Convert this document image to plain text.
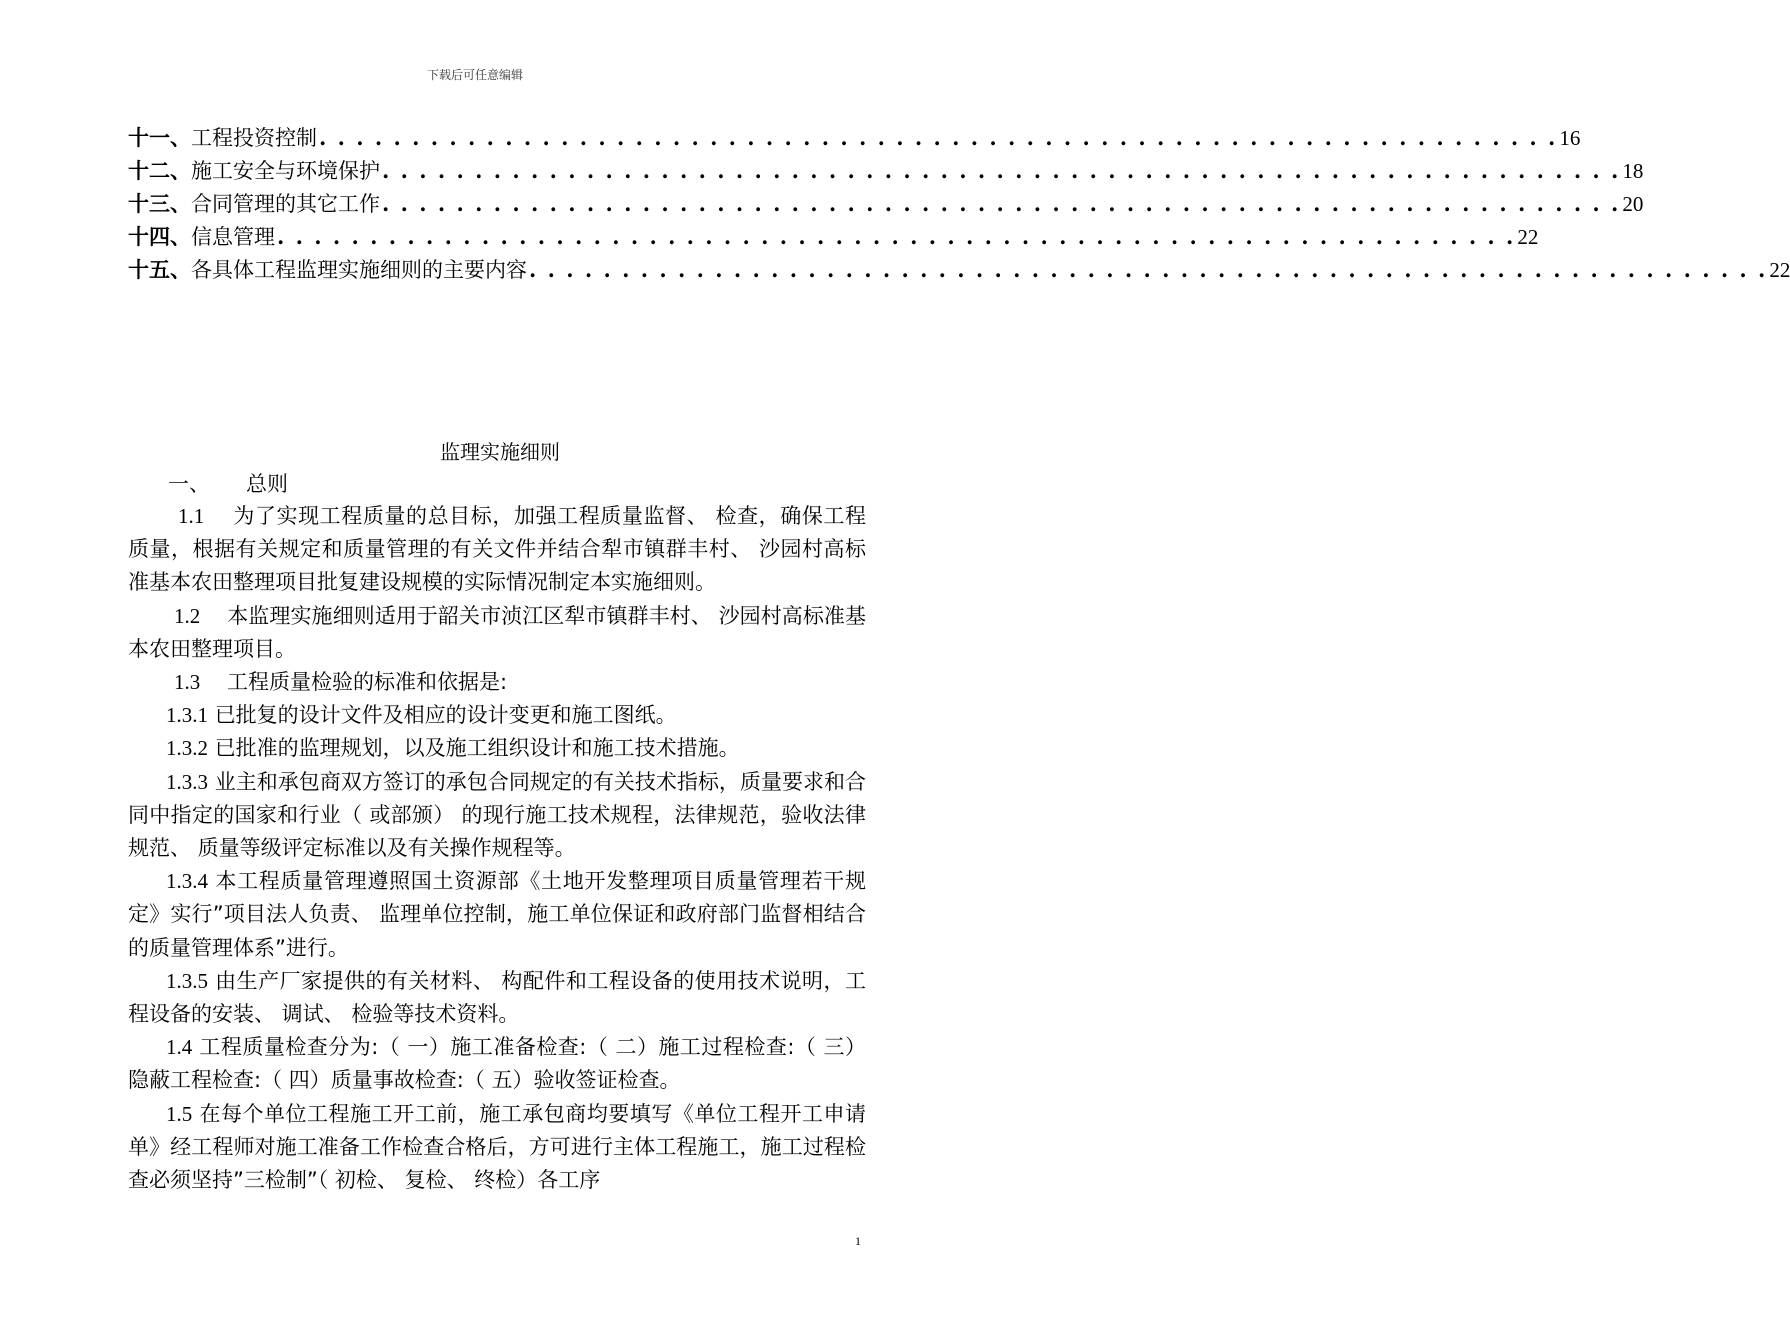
下载后可任意编辑
十一、 工程投资控制 . . . . . . . . . . . . . . . . . . . . . . . . . . . . . . . . . . . . . . . . . . . . . . . . . . . . . . . . . . . . . . . . . . . 16
十二、 施工安全与环境保护 . . . . . . . . . . . . . . . . . . . . . . . . . . . . . . . . . . . . . . . . . . . . . . . . . . . . . . . . . . . . . . . . . . . 18
十三、 合同管理的其它工作 . . . . . . . . . . . . . . . . . . . . . . . . . . . . . . . . . . . . . . . . . . . . . . . . . . . . . . . . . . . . . . . . . . . 20
十四、 信息管理 . . . . . . . . . . . . . . . . . . . . . . . . . . . . . . . . . . . . . . . . . . . . . . . . . . . . . . . . . . . . . . . . . . . 22
十五、 各具体工程监理实施细则的主要内容 . . . . . . . . . . . . . . . . . . . . . . . . . . . . . . . . . . . . . . . . . . . . . . . . . . . . . . . . . . . . . . . . . . . 22
监理实施细则
一、 总则

1.1 为了实现工程质量的总目标，加强工程质量监督、 检查，确保工程质量，根据有关规定和质量管理的有关文件并结合犁市镇群丰村、 沙园村高标准基本农田整理项目批复建设规模的实际情况制定本实施细则。

1.2 本监理实施细则适用于韶关市浈江区犁市镇群丰村、 沙园村高标准基本农田整理项目。

1.3 工程质量检验的标准和依据是:

1.3.1 已批复的设计文件及相应的设计变更和施工图纸。

1.3.2 已批准的监理规划，以及施工组织设计和施工技术措施。

1.3.3 业主和承包商双方签订的承包合同规定的有关技术指标，质量要求和合同中指定的国家和行业（ 或部颁） 的现行施工技术规程，法律规范，验收法律规范、 质量等级评定标准以及有关操作规程等。

1.3.4 本工程质量管理遵照国土资源部《土地开发整理项目质量管理若干规定》实行”项目法人负责、 监理单位控制，施工单位保证和政府部门监督相结合的质量管理体系”进行。

1.3.5 由生产厂家提供的有关材料、 构配件和工程设备的使用技术说明，工程设备的安装、 调试、 检验等技术资料。

1.4 工程质量检查分为:（ 一）施工准备检查:（ 二）施工过程检查:（ 三）隐蔽工程检查:（ 四）质量事故检查:（ 五）验收签证检查。

1.5 在每个单位工程施工开工前，施工承包商均要填写《单位工程开工申请单》经工程师对施工准备工作检查合格后，方可进行主体工程施工，施工过程检查必须坚持”三检制”（ 初检、 复检、 终检）各工序

1
